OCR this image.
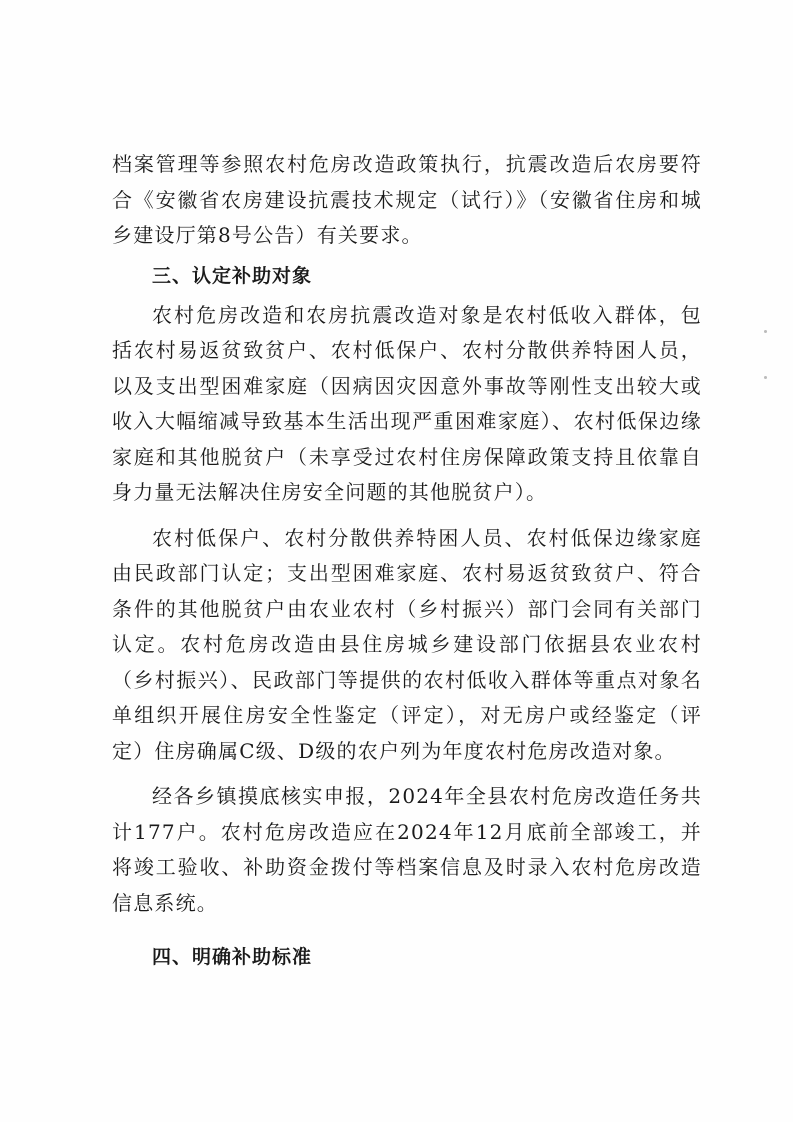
档案管理等参照农村危房改造政策执行，抗震改造后农房要符合《安徽省农房建设抗震技术规定（试行）》（安徽省住房和城乡建设厅第8号公告）有关要求。

三、认定补助对象

农村危房改造和农房抗震改造对象是农村低收入群体，包括农村易返贫致贫户、农村低保户、农村分散供养特困人员，以及支出型困难家庭（因病因灾因意外事故等刚性支出较大或收入大幅缩减导致基本生活出现严重困难家庭）、农村低保边缘家庭和其他脱贫户（未享受过农村住房保障政策支持且依靠自身力量无法解决住房安全问题的其他脱贫户）。

农村低保户、农村分散供养特困人员、农村低保边缘家庭由民政部门认定；支出型困难家庭、农村易返贫致贫户、符合条件的其他脱贫户由农业农村（乡村振兴）部门会同有关部门认定。农村危房改造由县住房城乡建设部门依据县农业农村（乡村振兴）、民政部门等提供的农村低收入群体等重点对象名单组织开展住房安全性鉴定（评定），对无房户或经鉴定（评定）住房确属C级、D级的农户列为年度农村危房改造对象。

经各乡镇摸底核实申报，2024年全县农村危房改造任务共计177户。农村危房改造应在2024年12月底前全部竣工，并将竣工验收、补助资金拨付等档案信息及时录入农村危房改造信息系统。

四、明确补助标准
